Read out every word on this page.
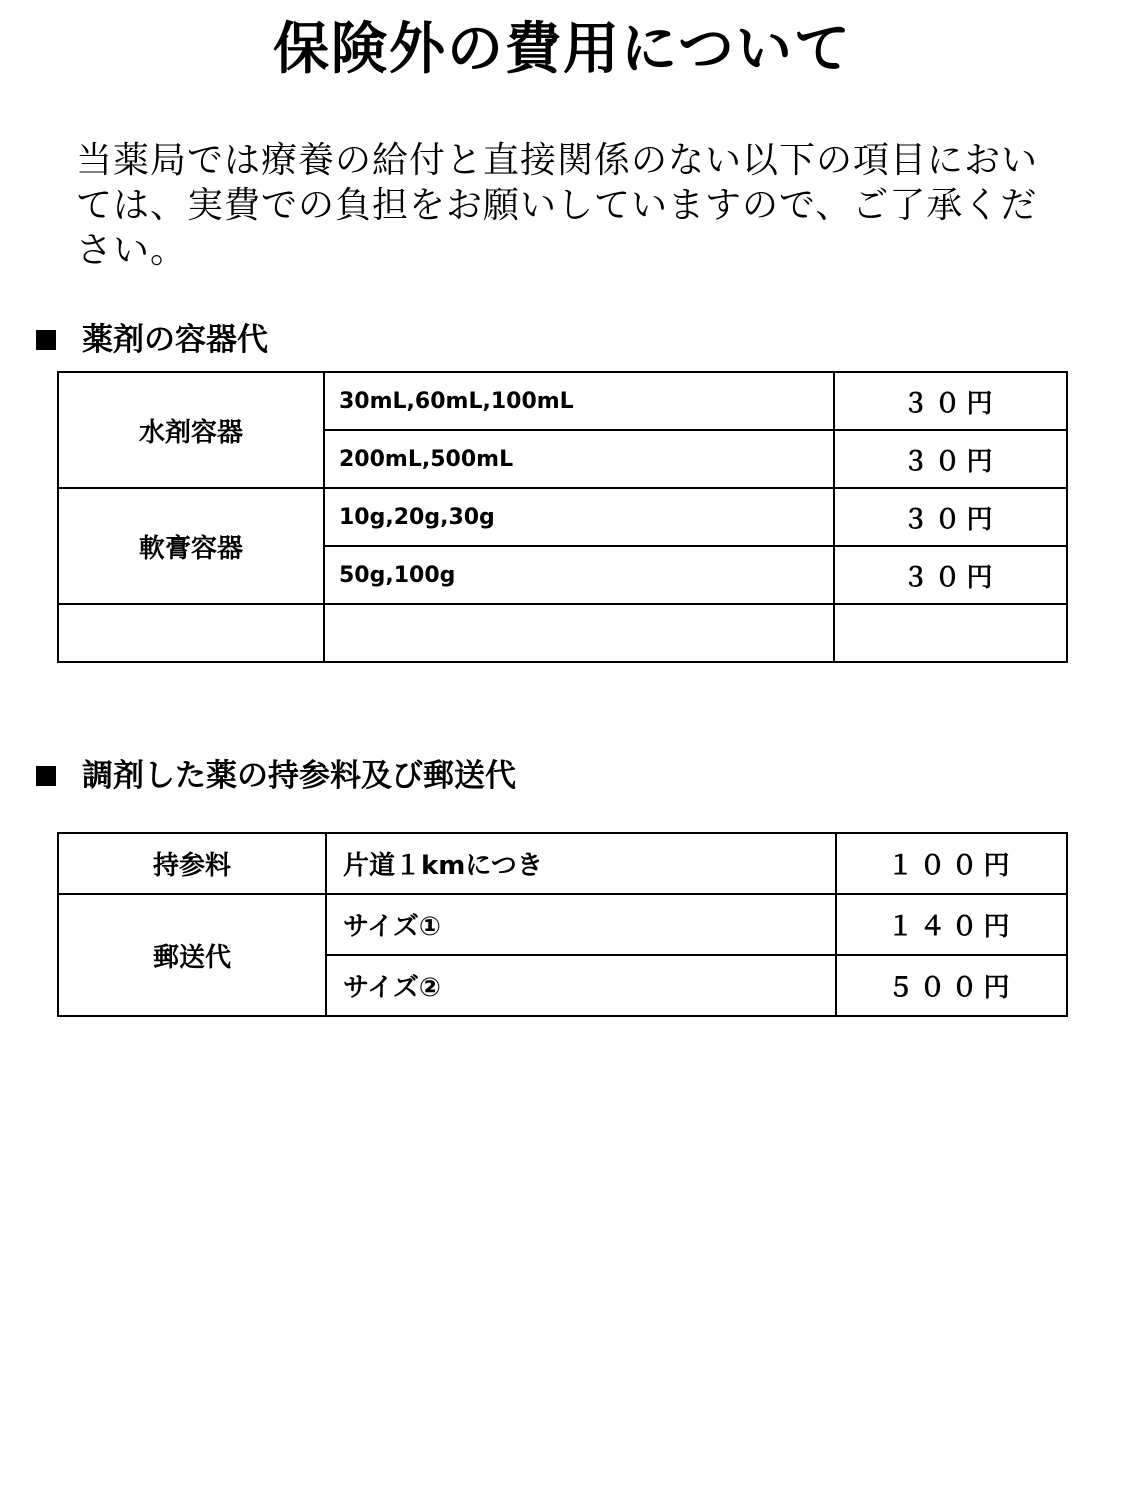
保険外の費用について
当薬局では療養の給付と直接関係のない以下の項目においては、実費での負担をお願いしていますので、ご了承ください。
薬剤の容器代
水剤容器	30mL,60mL,100mL	３０円
	200mL,500mL	３０円
軟膏容器	10g,20g,30g	３０円
	50g,100g	３０円

調剤した薬の持参料及び郵送代
持参料	片道１kmにつき	１００円
郵送代	サイズ①	１４０円
	サイズ②	５００円
